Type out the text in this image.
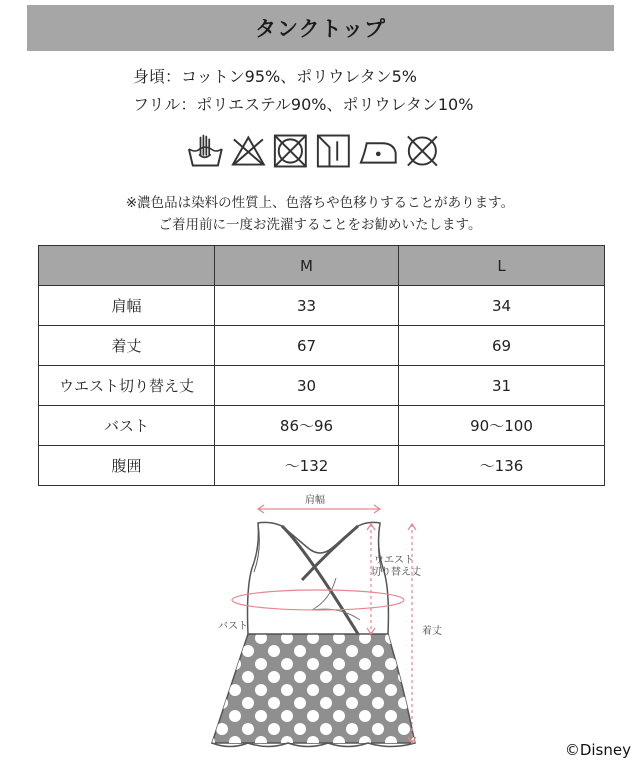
タンクトップ
身頃：コットン95%、ポリウレタン5%
フリル：ポリエステル90%、ポリウレタン10%
※濃色品は染料の性質上、色落ちや色移りすることがあります。
ご着用前に一度お洗濯することをお勧めいたします。
	M	L
肩幅	33	34
着丈	67	69
ウエスト切り替え丈	30	31
バスト	86〜96	90〜100
腹囲	〜132	〜136
肩幅
ウエスト
切り替え丈
バスト	着丈
©Disney
